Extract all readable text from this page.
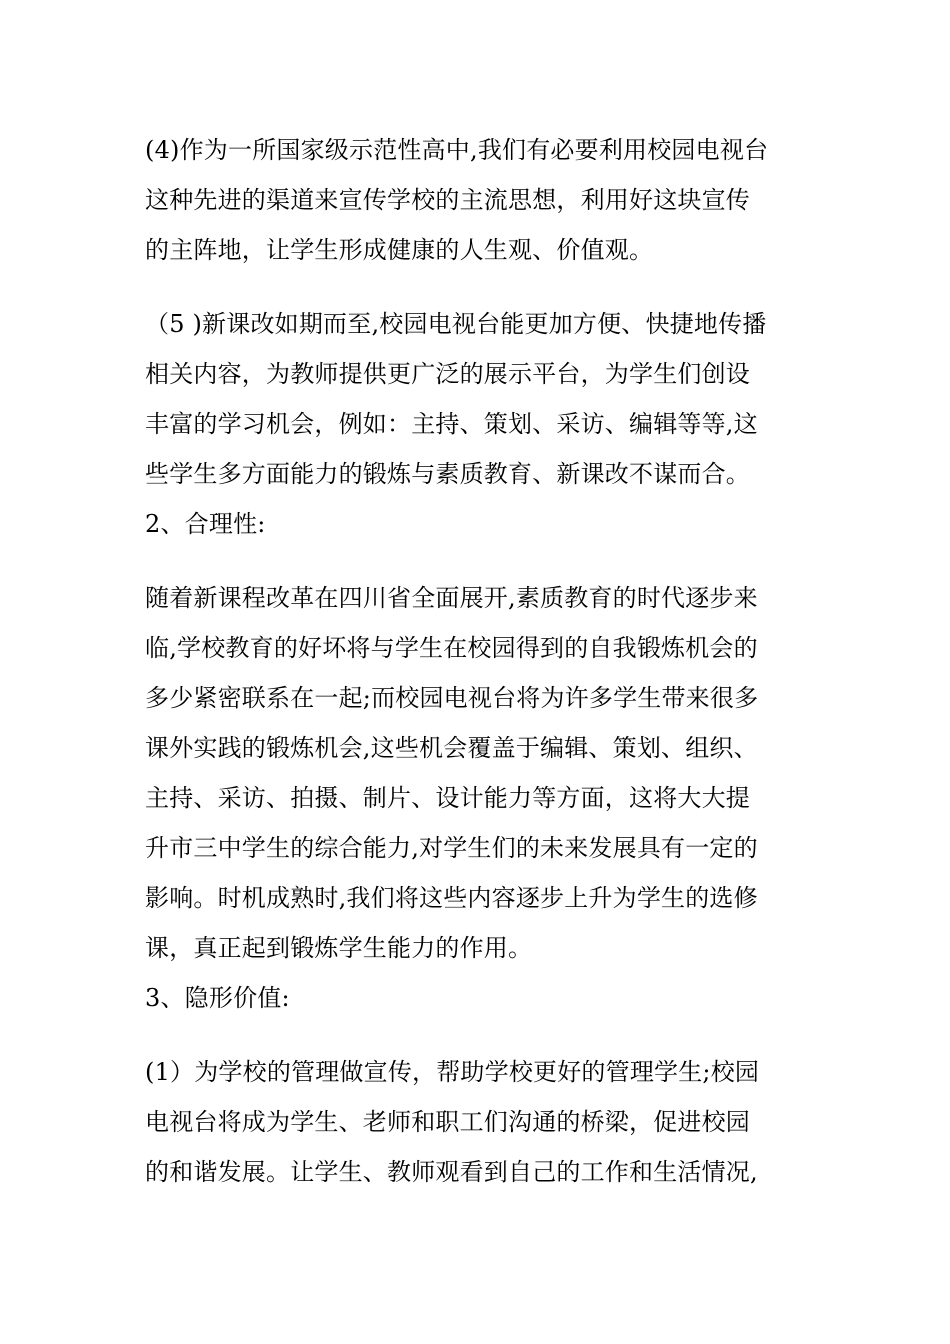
(4)作为一所国家级示范性高中,我们有必要利用校园电视台
这种先进的渠道来宣传学校的主流思想，利用好这块宣传
的主阵地，让学生形成健康的人生观、价值观。
（5 )新课改如期而至,校园电视台能更加方便、快捷地传播
相关内容，为教师提供更广泛的展示平台，为学生们创设
丰富的学习机会，例如：主持、策划、采访、编辑等等,这
些学生多方面能力的锻炼与素质教育、新课改不谋而合。
2、合理性:
随着新课程改革在四川省全面展开,素质教育的时代逐步来
临,学校教育的好坏将与学生在校园得到的自我锻炼机会的
多少紧密联系在一起;而校园电视台将为许多学生带来很多
课外实践的锻炼机会,这些机会覆盖于编辑、策划、组织、
主持、采访、拍摄、制片、设计能力等方面，这将大大提
升市三中学生的综合能力,对学生们的未来发展具有一定的
影响。时机成熟时,我们将这些内容逐步上升为学生的选修
课，真正起到锻炼学生能力的作用。
3、隐形价值:
(1）为学校的管理做宣传，帮助学校更好的管理学生;校园
电视台将成为学生、老师和职工们沟通的桥梁，促进校园
的和谐发展。让学生、教师观看到自己的工作和生活情况,
